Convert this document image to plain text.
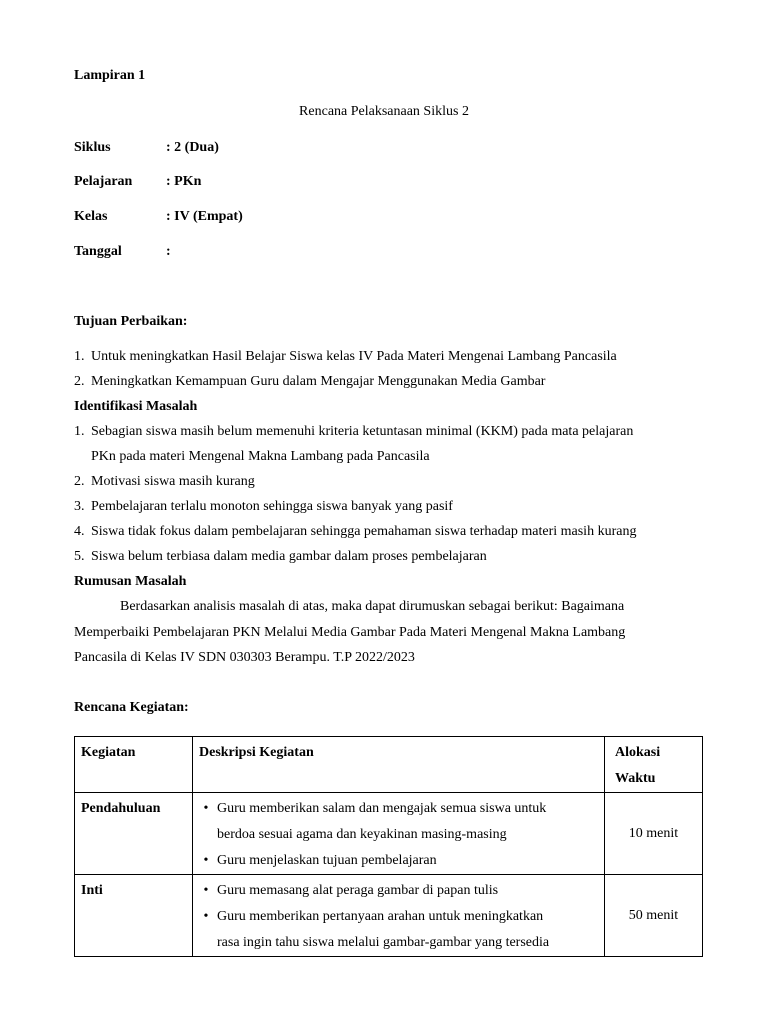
Lampiran 1
Rencana Pelaksanaan Siklus 2
Siklus	: 2 (Dua)
Pelajaran : PKn
Kelas	: IV (Empat)
Tanggal	:
Tujuan Perbaikan:
1. Untuk meningkatkan Hasil Belajar Siswa kelas IV Pada Materi Mengenai Lambang Pancasila
2. Meningkatkan Kemampuan Guru dalam Mengajar Menggunakan Media Gambar
Identifikasi Masalah
1. Sebagian siswa masih belum memenuhi kriteria ketuntasan minimal (KKM) pada mata pelajaran
PKn pada materi Mengenal Makna Lambang pada Pancasila
2. Motivasi siswa masih kurang
3. Pembelajaran terlalu monoton sehingga siswa banyak yang pasif
4. Siswa tidak fokus dalam pembelajaran sehingga pemahaman siswa terhadap materi masih kurang
5. Siswa belum terbiasa dalam media gambar dalam proses pembelajaran
Rumusan Masalah
Berdasarkan analisis masalah di atas, maka dapat dirumuskan sebagai berikut: Bagaimana
Memperbaiki Pembelajaran PKN Melalui Media Gambar Pada Materi Mengenal Makna Lambang
Pancasila di Kelas IV SDN 030303 Berampu. T.P 2022/2023
Rencana Kegiatan:
Kegiatan	Deskripsi Kegiatan	Alokasi
Waktu

Pendahuluan	• Guru memberikan salam dan mengajak semua siswa untuk
berdoa sesuai agama dan keyakinan masing-masing
• Guru menjelaskan tujuan pembelajaran	10 menit

Inti	• Guru memasang alat peraga gambar di papan tulis
• Guru memberikan pertanyaan arahan untuk meningkatkan
rasa ingin tahu siswa melalui gambar-gambar yang tersedia	50 menit
